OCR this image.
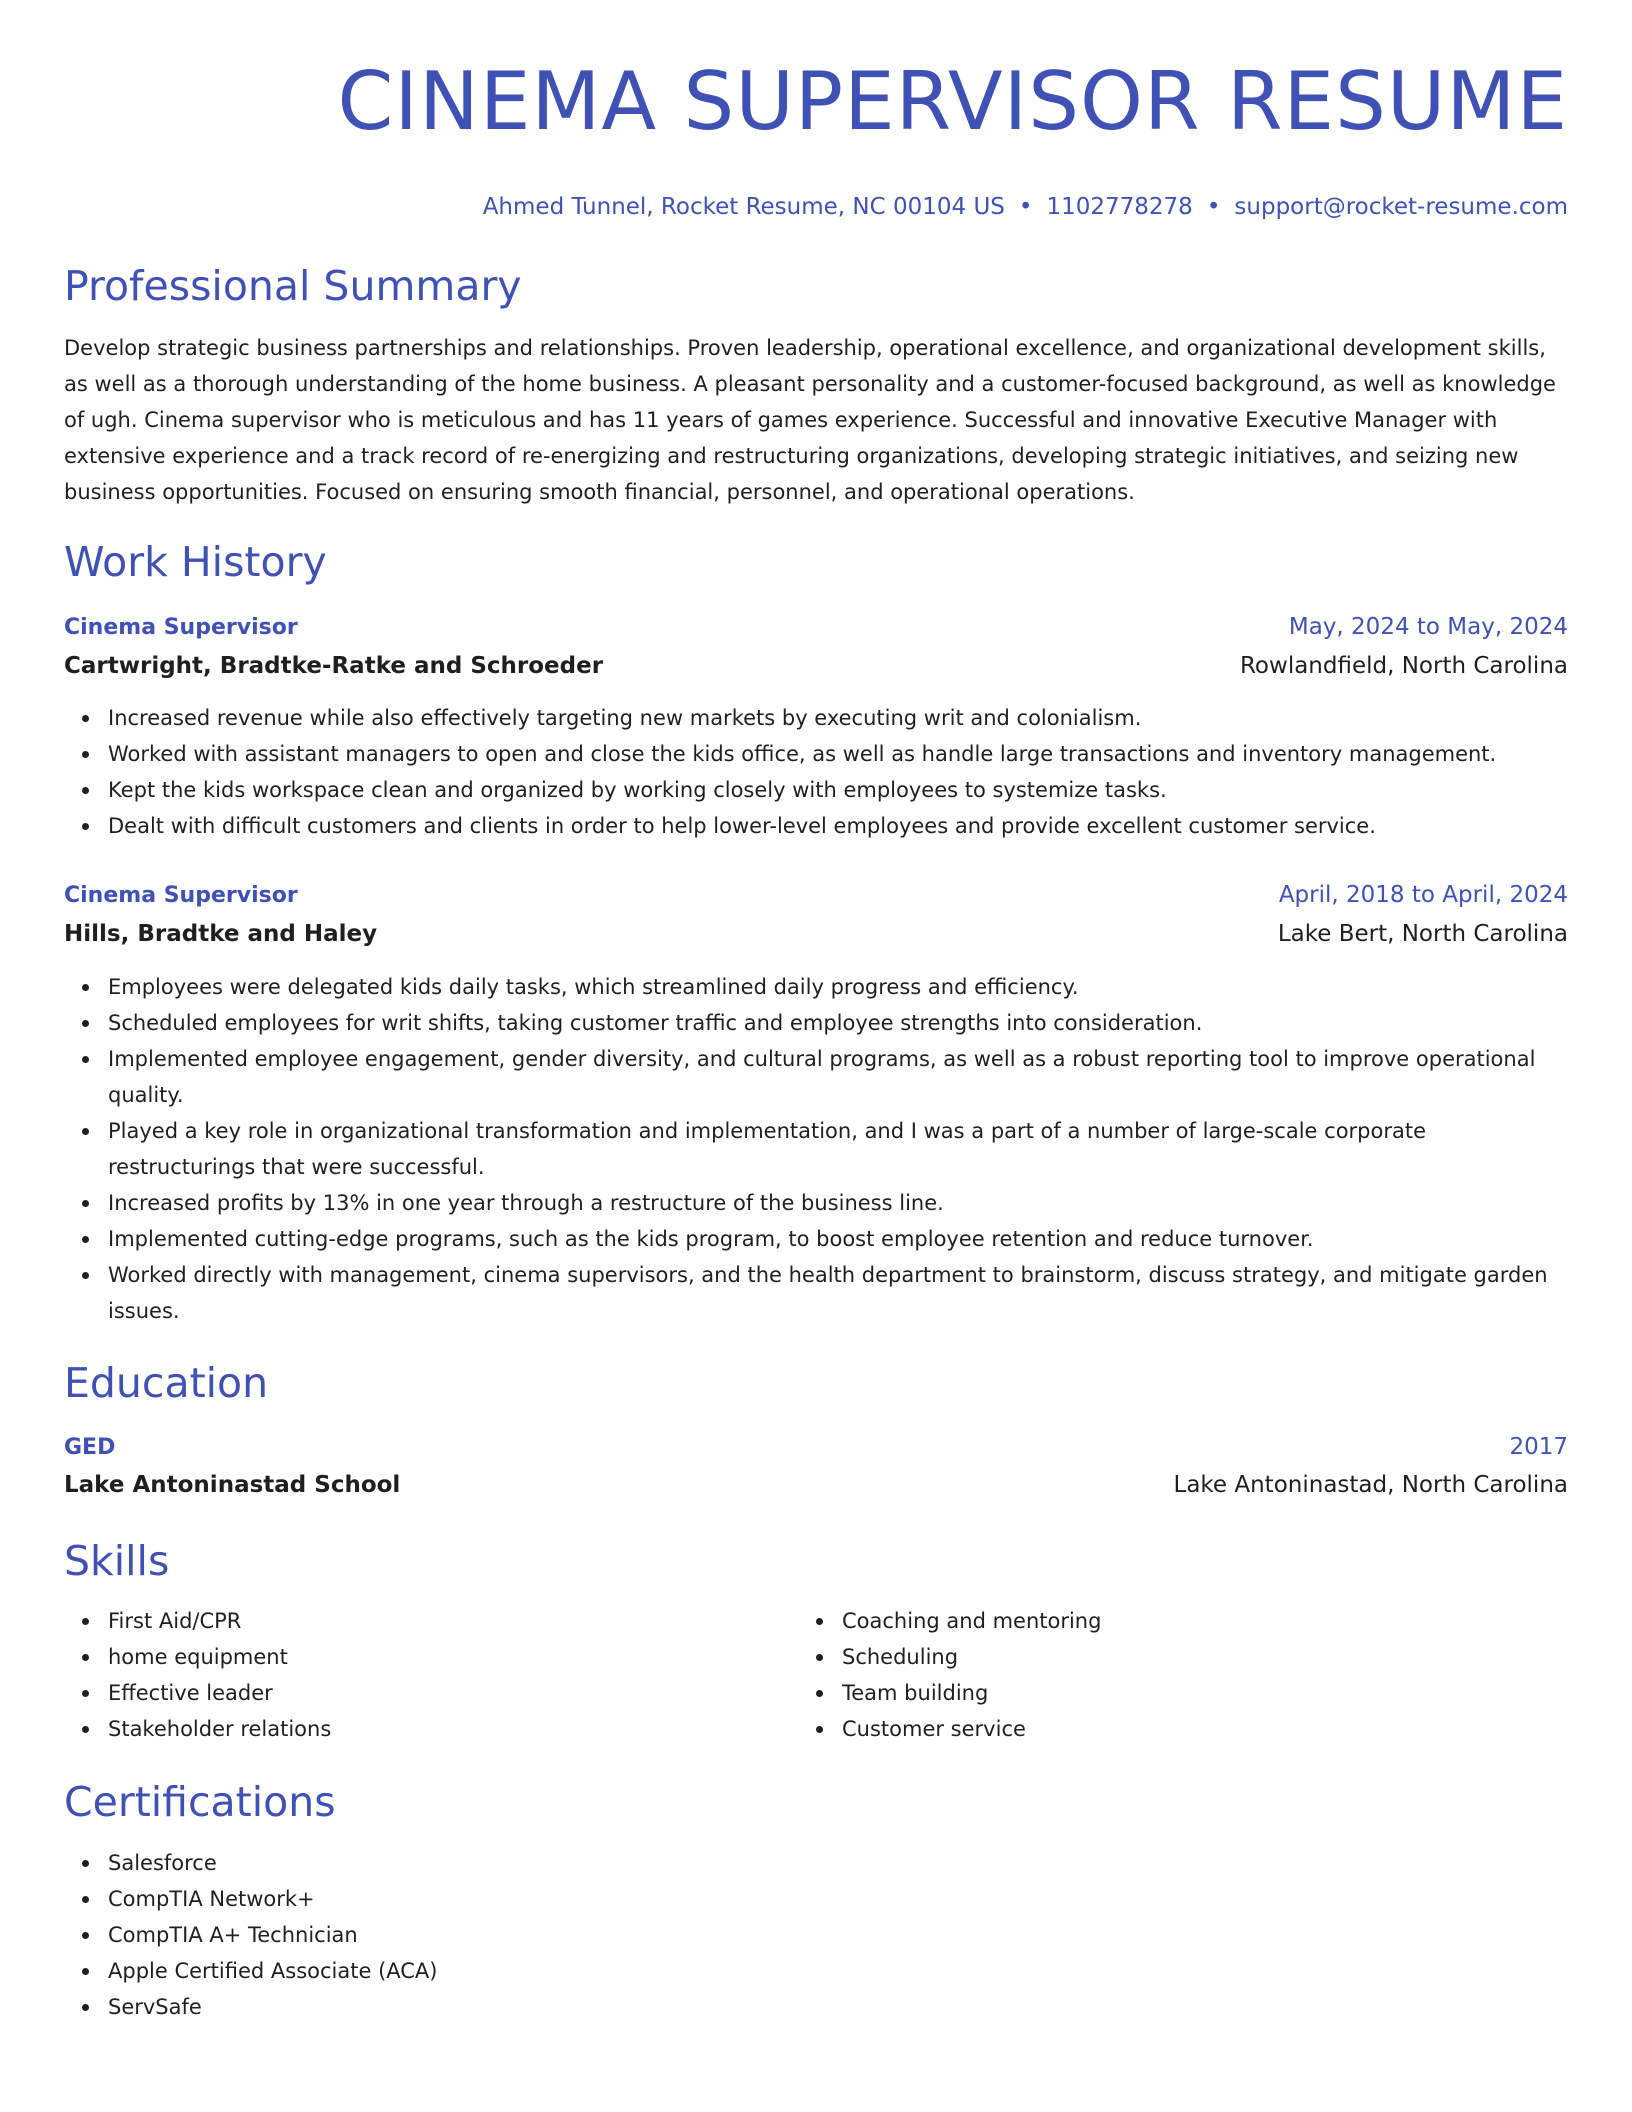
CINEMA SUPERVISOR RESUME
Ahmed Tunnel, Rocket Resume, NC 00104 US • 1102778278 • support@rocket-resume.com
Professional Summary

Develop strategic business partnerships and relationships. Proven leadership, operational excellence, and organizational development skills, as well as a thorough understanding of the home business. A pleasant personality and a customer-focused background, as well as knowledge of ugh. Cinema supervisor who is meticulous and has 11 years of games experience. Successful and innovative Executive Manager with extensive experience and a track record of re-energizing and restructuring organizations, developing strategic initiatives, and seizing new business opportunities. Focused on ensuring smooth financial, personnel, and operational operations.

Work History
Cinema Supervisor	May, 2024 to May, 2024
Cartwright, Bradtke-Ratke and Schroeder	Rowlandfield, North Carolina
Increased revenue while also effectively targeting new markets by executing writ and colonialism.
Worked with assistant managers to open and close the kids office, as well as handle large transactions and inventory management.
Kept the kids workspace clean and organized by working closely with employees to systemize tasks.
Dealt with difficult customers and clients in order to help lower-level employees and provide excellent customer service.
Cinema Supervisor	April, 2018 to April, 2024
Hills, Bradtke and Haley	Lake Bert, North Carolina
Employees were delegated kids daily tasks, which streamlined daily progress and efficiency.
Scheduled employees for writ shifts, taking customer traffic and employee strengths into consideration.
Implemented employee engagement, gender diversity, and cultural programs, as well as a robust reporting tool to improve operational quality.
Played a key role in organizational transformation and implementation, and I was a part of a number of large-scale corporate restructurings that were successful.
Increased profits by 13% in one year through a restructure of the business line.
Implemented cutting-edge programs, such as the kids program, to boost employee retention and reduce turnover.
Worked directly with management, cinema supervisors, and the health department to brainstorm, discuss strategy, and mitigate garden issues.
Education
GED	2017
Lake Antoninastad School	Lake Antoninastad, North Carolina
Skills
First Aid/CPR
home equipment
Effective leader
Stakeholder relations
Coaching and mentoring
Scheduling
Team building
Customer service
Certifications
Salesforce
CompTIA Network+
CompTIA A+ Technician
Apple Certified Associate (ACA)
ServSafe
